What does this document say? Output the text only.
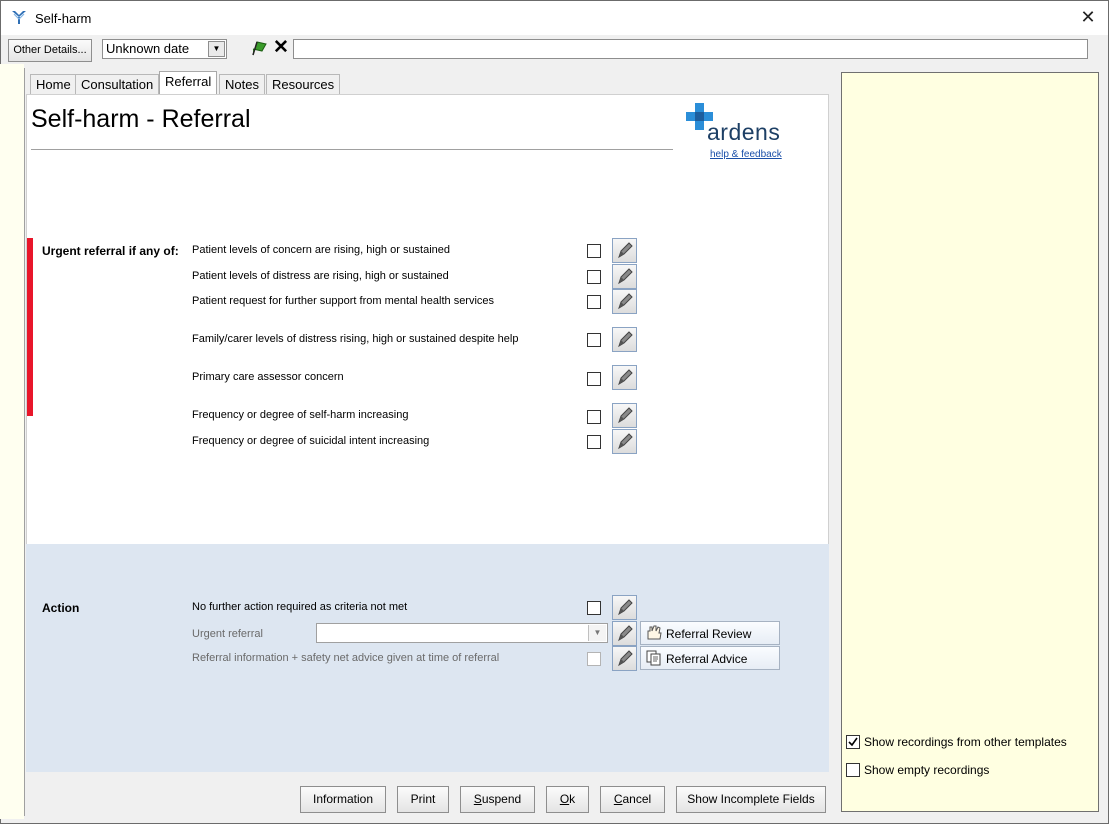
Self-harm	✕
Other Details...	Unknown date	▼	✕
Home Consultation Referral	Notes	Resources
Self-harm - Referral	ardens
help & feedback
Urgent referral if any of: Patient levels of concern are rising, high or sustained
Patient levels of distress are rising, high or sustained
Patient request for further support from mental health services
Family/carer levels of distress rising, high or sustained despite help
Primary care assessor concern
Frequency or degree of self-harm increasing
Frequency or degree of suicidal intent increasing
Action	No further action required as criteria not met
Urgent referral	▼	Referral Review
Referral information + safety net advice given at time of referral	Referral Advice
Information	Print	Suspend	Ok	Cancel	Show Incomplete Fields
Show recordings from other templates
Show empty recordings
